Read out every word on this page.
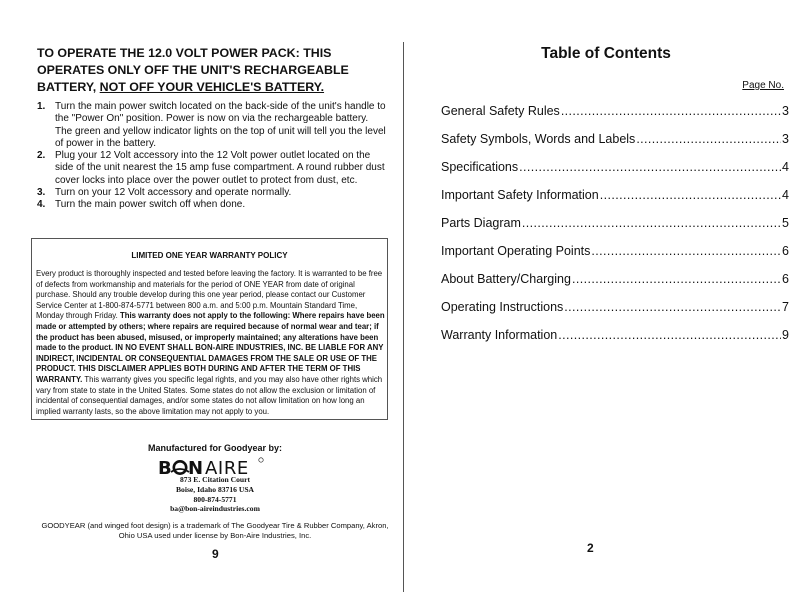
TO OPERATE THE 12.0 VOLT POWER PACK: THIS
OPERATES ONLY OFF THE UNIT'S RECHARGEABLE
BATTERY, NOT OFF YOUR VEHICLE'S BATTERY.
1. Turn the main power switch located on the back-side of the unit's handle to the "Power On" position. Power is now on via the rechargeable battery. The green and yellow indicator lights on the top of unit will tell you the level of power in the battery.
2. Plug your 12 Volt accessory into the 12 Volt power outlet located on the side of the unit nearest the 15 amp fuse compartment. A round rubber dust cover locks into place over the power outlet to protect from dust, etc.
3. Turn on your 12 Volt accessory and operate normally.
4. Turn the main power switch off when done.
LIMITED ONE YEAR WARRANTY POLICY
Every product is thoroughly inspected and tested before leaving the factory. It is warranted to be free of defects from workmanship and materials for the period of ONE YEAR from date of original purchase. Should any trouble develop during this one year period, please contact our Customer Service Center at 1-800-874-5771 between 800 a.m. and 5:00 p.m. Mountain Standard Time, Monday through Friday. This warranty does not apply to the following: Where repairs have been made or attempted by others; where repairs are required because of normal wear and tear; if the product has been abused, misused, or improperly maintained; any alterations have been made to the product. IN NO EVENT SHALL BON-AIRE INDUSTRIES, INC. BE LIABLE FOR ANY INDIRECT, INCIDENTAL OR CONSEQUENTIAL DAMAGES FROM THE SALE OR USE OF THE PRODUCT. THIS DISCLAIMER APPLIES BOTH DURING AND AFTER THE TERM OF THIS WARRANTY. This warranty gives you specific legal rights, and you may also have other rights which vary from state to state in the United States. Some states do not allow the exclusion or limitation of incidental of consequential damages, and/or some states do not allow limitation on how long an implied warranty lasts, so the above limitation may not apply to you.
Manufactured for Goodyear by:
B N AIRE
873 E. Citation Court
Boise, Idaho 83716 USA
800-874-5771
ba@bon-aireindustries.com
GOODYEAR (and winged foot design) is a trademark of The Goodyear Tire & Rubber Company, Akron, Ohio USA used under license by Bon-Aire Industries, Inc.
9
Table of Contents
Page No.
General Safety Rules .....	3
Safety Symbols, Words and Labels .....	3
Specifications .....	4
Important Safety Information .....	4
Parts Diagram .....	5
Important Operating Points .....	6
About Battery/Charging .....	6
Operating Instructions .....	7
Warranty Information .....	9
2
